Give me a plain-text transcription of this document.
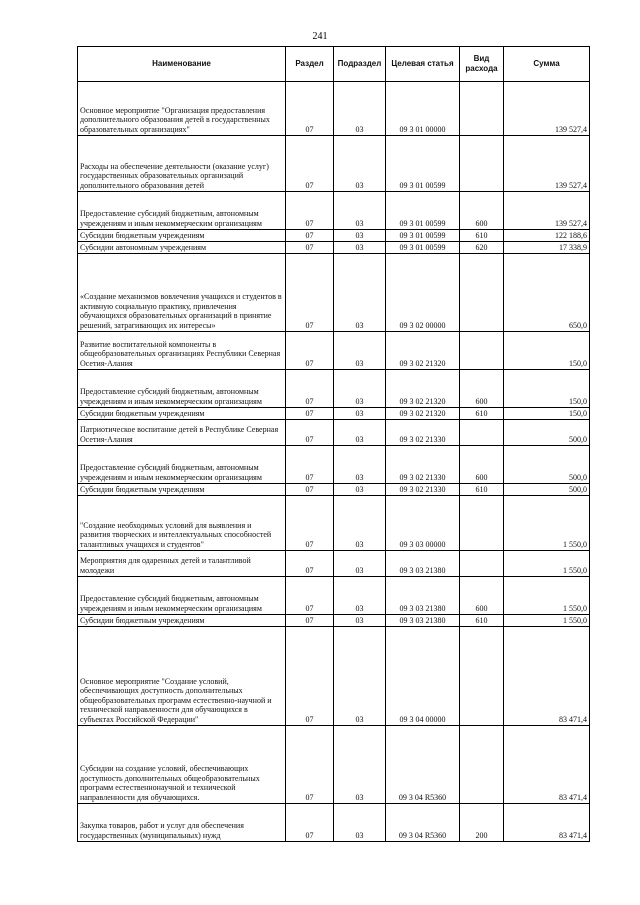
241
Наименование	Раздел	Подраздел	Целевая статья	Вид расхода	Сумма
Основное мероприятие "Организация предоставления дополнительного образования детей в государственных образовательных организациях"	07	03	09 3 01 00000		139 527,4
Расходы на обеспечение деятельности (оказание услуг) государственных образовательных организаций дополнительного образования детей	07	03	09 3 01 00599		139 527,4
Предоставление субсидий бюджетным, автономным учреждениям и иным некоммерческим организациям	07	03	09 3 01 00599	600	139 527,4
Субсидии бюджетным учреждениям	07	03	09 3 01 00599	610	122 188,6
Субсидии автономным учреждениям	07	03	09 3 01 00599	620	17 338,9
«Создание механизмов вовлечения учащихся и студентов в активную социальную практику, привлечения обучающихся образовательных организаций в принятие решений, затрагивающих их интересы»	07	03	09 3 02 00000		650,0
Развитие воспитательной компоненты в общеобразовательных организациях Республики Северная Осетия-Алания	07	03	09 3 02 21320		150,0
Предоставление субсидий бюджетным, автономным учреждениям и иным некоммерческим организациям	07	03	09 3 02 21320	600	150,0
Субсидии бюджетным учреждениям	07	03	09 3 02 21320	610	150,0
Патриотическое воспитание детей в Республике Северная Осетия-Алания	07	03	09 3 02 21330		500,0
Предоставление субсидий бюджетным, автономным учреждениям и иным некоммерческим организациям	07	03	09 3 02 21330	600	500,0
Субсидии бюджетным учреждениям	07	03	09 3 02 21330	610	500,0
"Создание необходимых условий для выявления и развития творческих и интеллектуальных способностей талантливых учащихся и студентов"	07	03	09 3 03 00000		1 550,0
Мероприятия для одаренных детей и талантливой молодежи	07	03	09 3 03 21380		1 550,0
Предоставление субсидий бюджетным, автономным учреждениям и иным некоммерческим организациям	07	03	09 3 03 21380	600	1 550,0
Субсидии бюджетным учреждениям	07	03	09 3 03 21380	610	1 550,0
Основное мероприятие "Создание условий, обеспечивающих доступность дополнительных общеобразовательных программ естественно-научной и технической направленности для обучающихся в субъектах Российской Федерации"	07	03	09 3 04 00000		83 471,4
Субсидии на создание условий, обеспечивающих доступность дополнительных общеобразовательных программ естественнонаучной и технической направленности для обучающихся.	07	03	09 3 04 R5360		83 471,4
Закупка товаров, работ и услуг для обеспечения государственных (муниципальных) нужд	07	03	09 3 04 R5360	200	83 471,4
